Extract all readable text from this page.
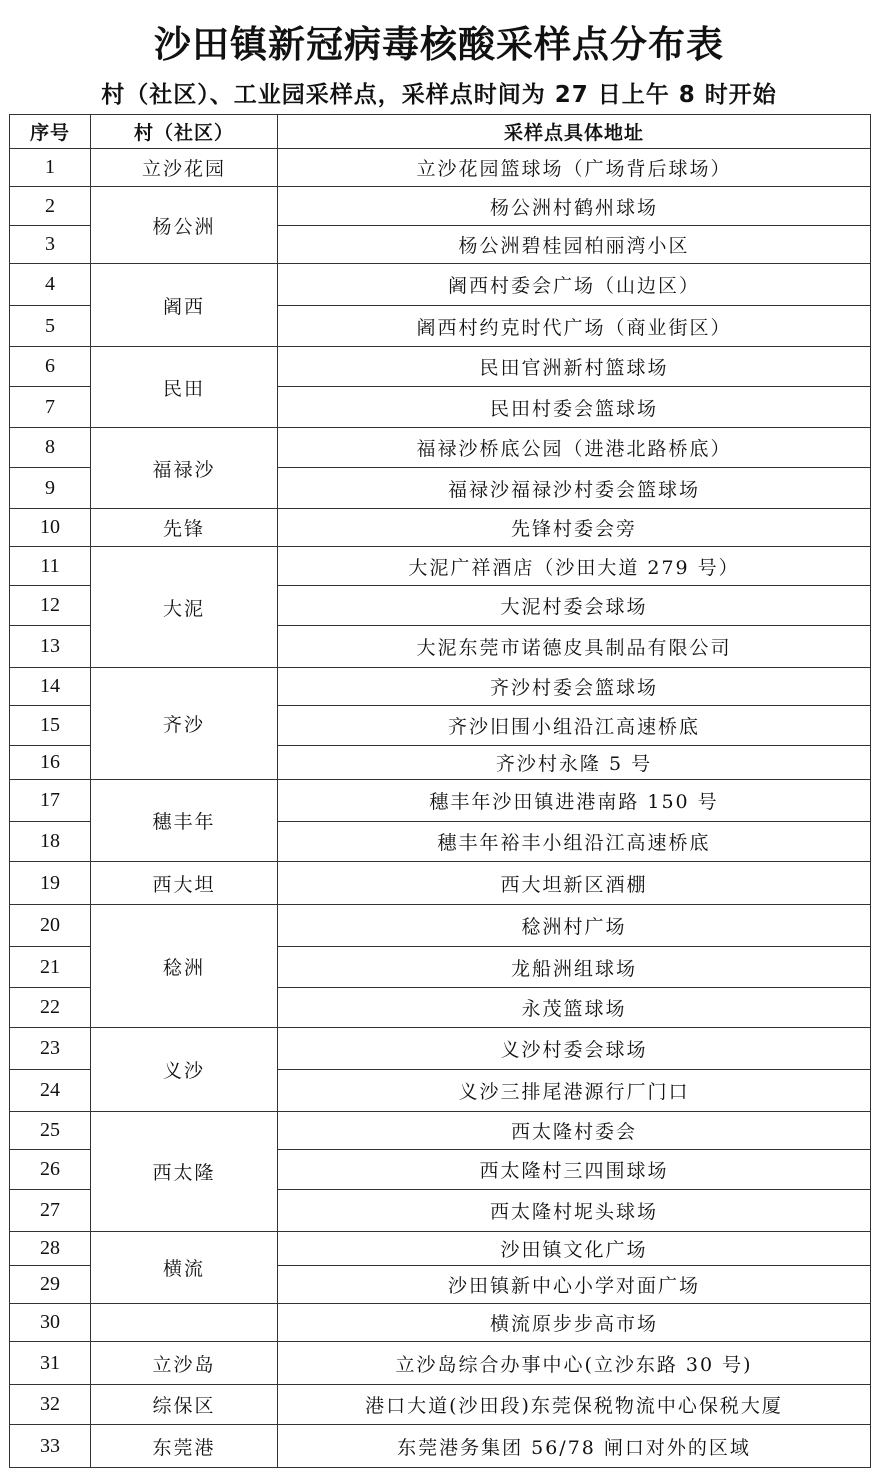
沙田镇新冠病毒核酸采样点分布表
村（社区）、工业园采样点，采样点时间为 27 日上午 8 时开始
序号	村（社区）	采样点具体地址
1	立沙花园	立沙花园篮球场（广场背后球场）
2	杨公洲	杨公洲村鹤州球场
3		杨公洲碧桂园柏丽湾小区
4	阇西	阇西村委会广场（山边区）
5		阇西村约克时代广场（商业街区）
6	民田	民田官洲新村篮球场
7		民田村委会篮球场
8	福禄沙	福禄沙桥底公园（进港北路桥底）
9		福禄沙福禄沙村委会篮球场
10	先锋	先锋村委会旁
11	大泥	大泥广祥酒店（沙田大道 279 号）
12		大泥村委会球场
13		大泥东莞市诺德皮具制品有限公司
14	齐沙	齐沙村委会篮球场
15		齐沙旧围小组沿江高速桥底
16		齐沙村永隆 5 号
17	穗丰年	穗丰年沙田镇进港南路 150 号
18		穗丰年裕丰小组沿江高速桥底
19	西大坦	西大坦新区酒棚
20	稔洲	稔洲村广场
21		龙船洲组球场
22		永茂篮球场
23	义沙	义沙村委会球场
24		义沙三排尾港源行厂门口
25	西太隆	西太隆村委会
26		西太隆村三四围球场
27		西太隆村坭头球场
28	横流	沙田镇文化广场
29		沙田镇新中心小学对面广场
30		横流原步步高市场
31	立沙岛	立沙岛综合办事中心(立沙东路 30 号)
32	综保区	港口大道(沙田段)东莞保税物流中心保税大厦
33	东莞港	东莞港务集团 56/78 闸口对外的区域
